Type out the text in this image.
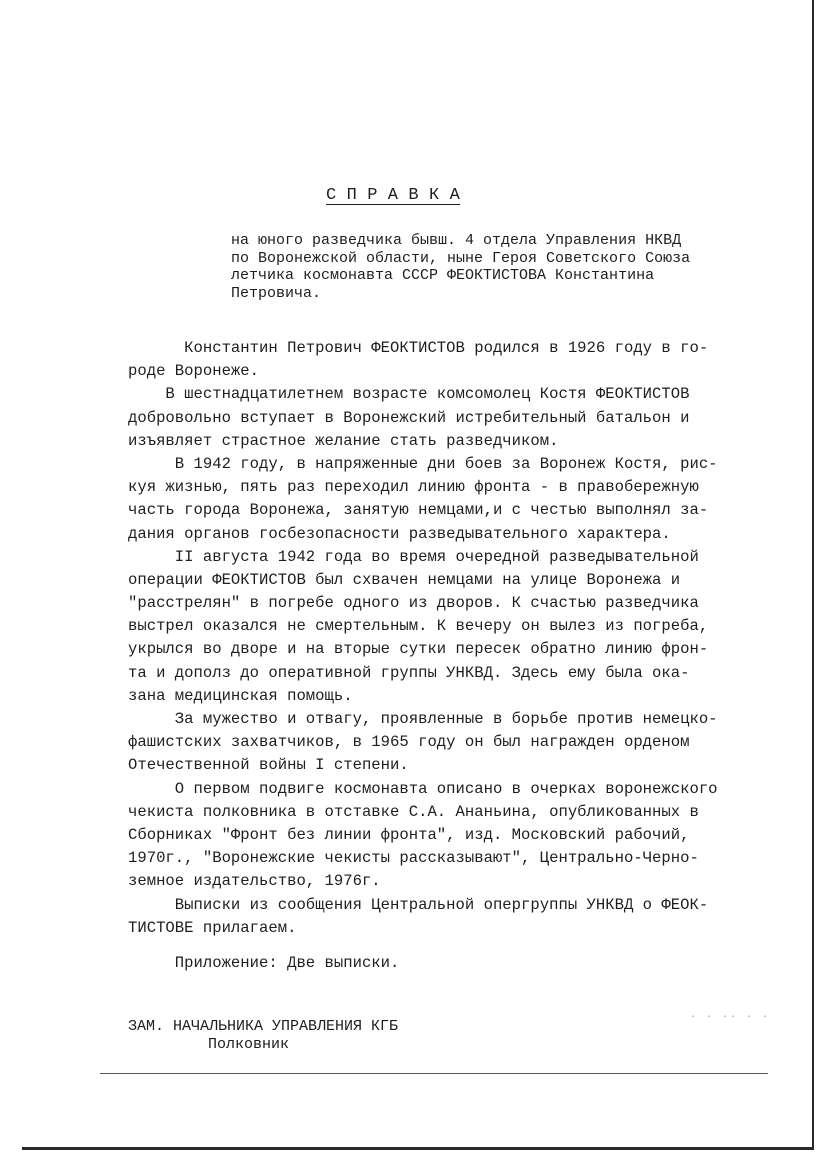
С П Р А В К А
на юного разведчика бывш. 4 отдела Управления НКВД
по Воронежской области, ныне Героя Советского Союза
летчика космонавта СССР ФЕОКТИСТОВА Константина
Петровича.
Константин Петрович ФЕОКТИСТОВ родился в 1926 году в го-
роде Воронеже.
В шестнадцатилетнем возрасте комсомолец Костя ФЕОКТИСТОВ
добровольно вступает в Воронежский истребительный батальон и
изъявляет страстное желание стать разведчиком.
В 1942 году, в напряженные дни боев за Воронеж Костя, рис-
куя жизнью, пять раз переходил линию фронта - в правобережную
часть города Воронежа, занятую немцами,и с честью выполнял за-
дания органов госбезопасности разведывательного характера.
II августа 1942 года во время очередной разведывательной
операции ФЕОКТИСТОВ был схвачен немцами на улице Воронежа и
"расстрелян" в погребе одного из дворов. К счастью разведчика
выстрел оказался не смертельным. К вечеру он вылез из погреба,
укрылся во дворе и на вторые сутки пересек обратно линию фрон-
та и дополз до оперативной группы УНКВД. Здесь ему была ока-
зана медицинская помощь.
За мужество и отвагу, проявленные в борьбе против немецко-
фашистских захватчиков, в 1965 году он был награжден орденом
Отечественной войны I степени.
О первом подвиге космонавта описано в очерках воронежского
чекиста полковника в отставке С.А. Ананьина, опубликованных в
Сборниках "Фронт без линии фронта", изд. Московский рабочий,
1970г., "Воронежские чекисты рассказывают", Центрально-Черно-
земное издательство, 1976г.
Выписки из сообщения Центральной опергруппы УНКВД о ФЕОК-
ТИСТОВЕ прилагаем.
Приложение: Две выписки.
ЗАМ. НАЧАЛЬНИКА УПРАВЛЕНИЯ КГБ
Полковник
· · ·· · ·
